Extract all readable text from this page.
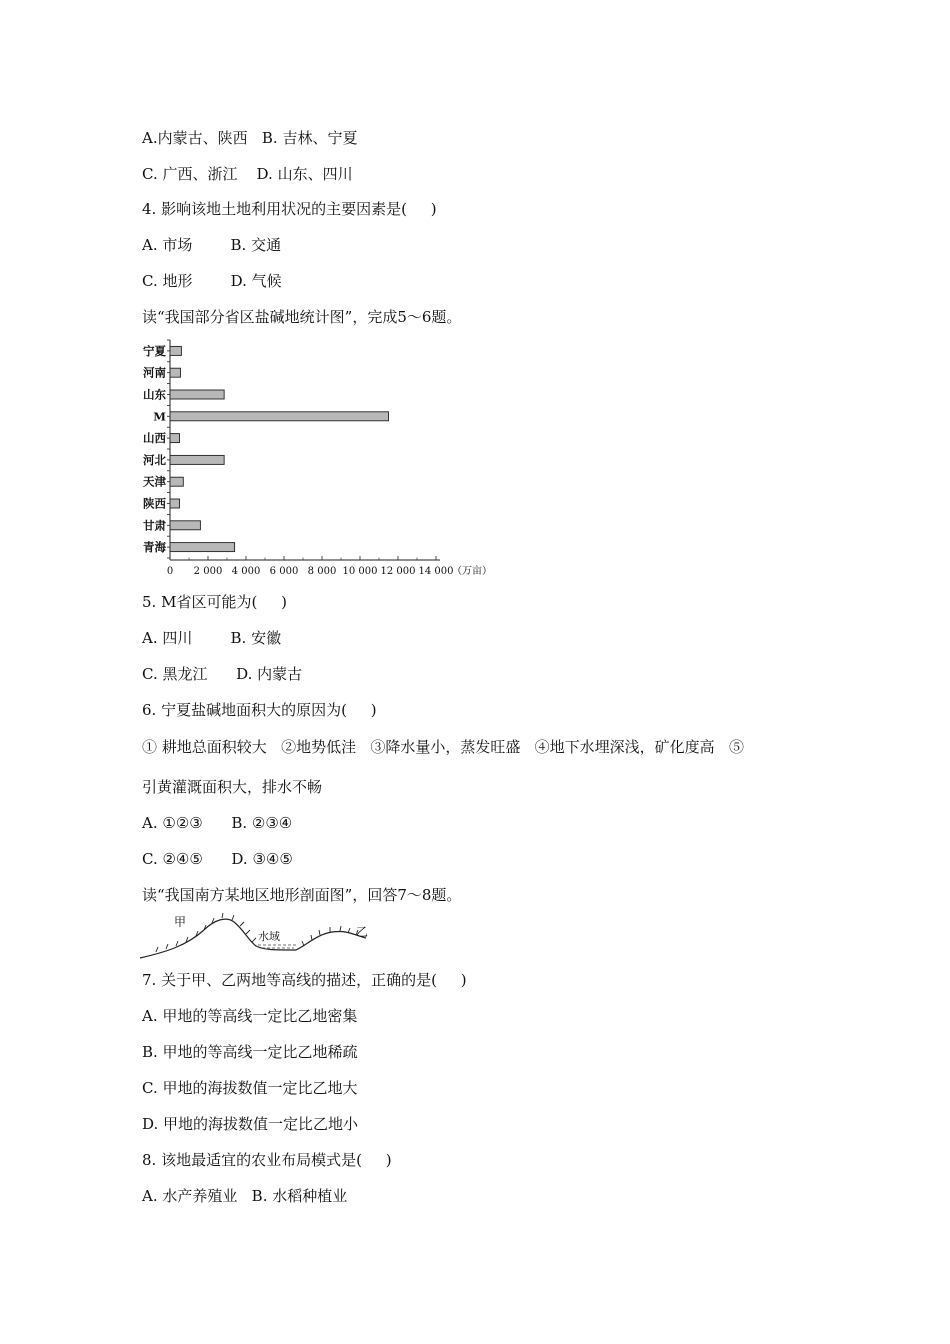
A.内蒙古、陕西   B. 吉林、宁夏
C. 广西、浙江    D. 山东、四川
4. 影响该地土地利用状况的主要因素是(     )
A. 市场        B. 交通
C. 地形        D. 气候
读“我国部分省区盐碱地统计图”，完成5～6题。
宁夏
河南
山东
M
山西
河北
天津
陕西
甘肃
青海
0 2 000 4 000 6 000 8 000 10 000 12 000 14 000
（万亩）
5. M省区可能为(     )
A. 四川        B. 安徽
C. 黑龙江      D. 内蒙古
6. 宁夏盐碱地面积大的原因为(     )
① 耕地总面积较大   ②地势低洼   ③降水量小，蒸发旺盛   ④地下水埋深浅，矿化度高   ⑤
引黄灌溉面积大，排水不畅
A. ①②③      B. ②③④
C. ②④⑤      D. ③④⑤
读“我国南方某地区地形剖面图”，回答7～8题。
甲
水域	乙
7. 关于甲、乙两地等高线的描述，正确的是(     )
A. 甲地的等高线一定比乙地密集
B. 甲地的等高线一定比乙地稀疏
C. 甲地的海拔数值一定比乙地大
D. 甲地的海拔数值一定比乙地小
8. 该地最适宜的农业布局模式是(     )
A. 水产养殖业   B. 水稻种植业
